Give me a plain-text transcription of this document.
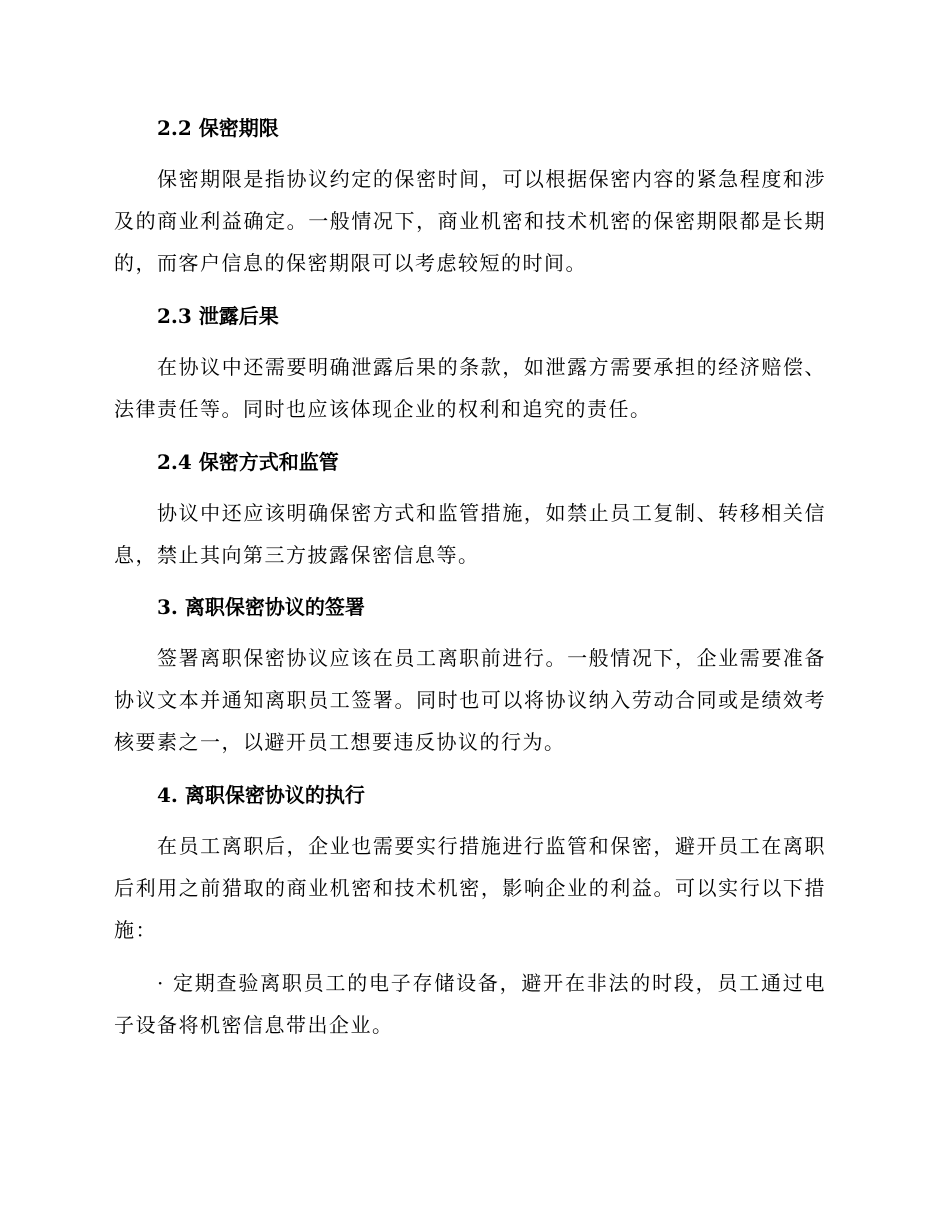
2.2 保密期限
保密期限是指协议约定的保密时间，可以根据保密内容的紧急程度和涉及的商业利益确定。一般情况下，商业机密和技术机密的保密期限都是长期的，而客户信息的保密期限可以考虑较短的时间。
2.3 泄露后果
在协议中还需要明确泄露后果的条款，如泄露方需要承担的经济赔偿、法律责任等。同时也应该体现企业的权利和追究的责任。
2.4 保密方式和监管
协议中还应该明确保密方式和监管措施，如禁止员工复制、转移相关信息，禁止其向第三方披露保密信息等。
3. 离职保密协议的签署
签署离职保密协议应该在员工离职前进行。一般情况下，企业需要准备协议文本并通知离职员工签署。同时也可以将协议纳入劳动合同或是绩效考核要素之一，以避开员工想要违反协议的行为。
4. 离职保密协议的执行
在员工离职后，企业也需要实行措施进行监管和保密，避开员工在离职后利用之前猎取的商业机密和技术机密，影响企业的利益。可以实行以下措施：
· 定期查验离职员工的电子存储设备，避开在非法的时段，员工通过电子设备将机密信息带出企业。
